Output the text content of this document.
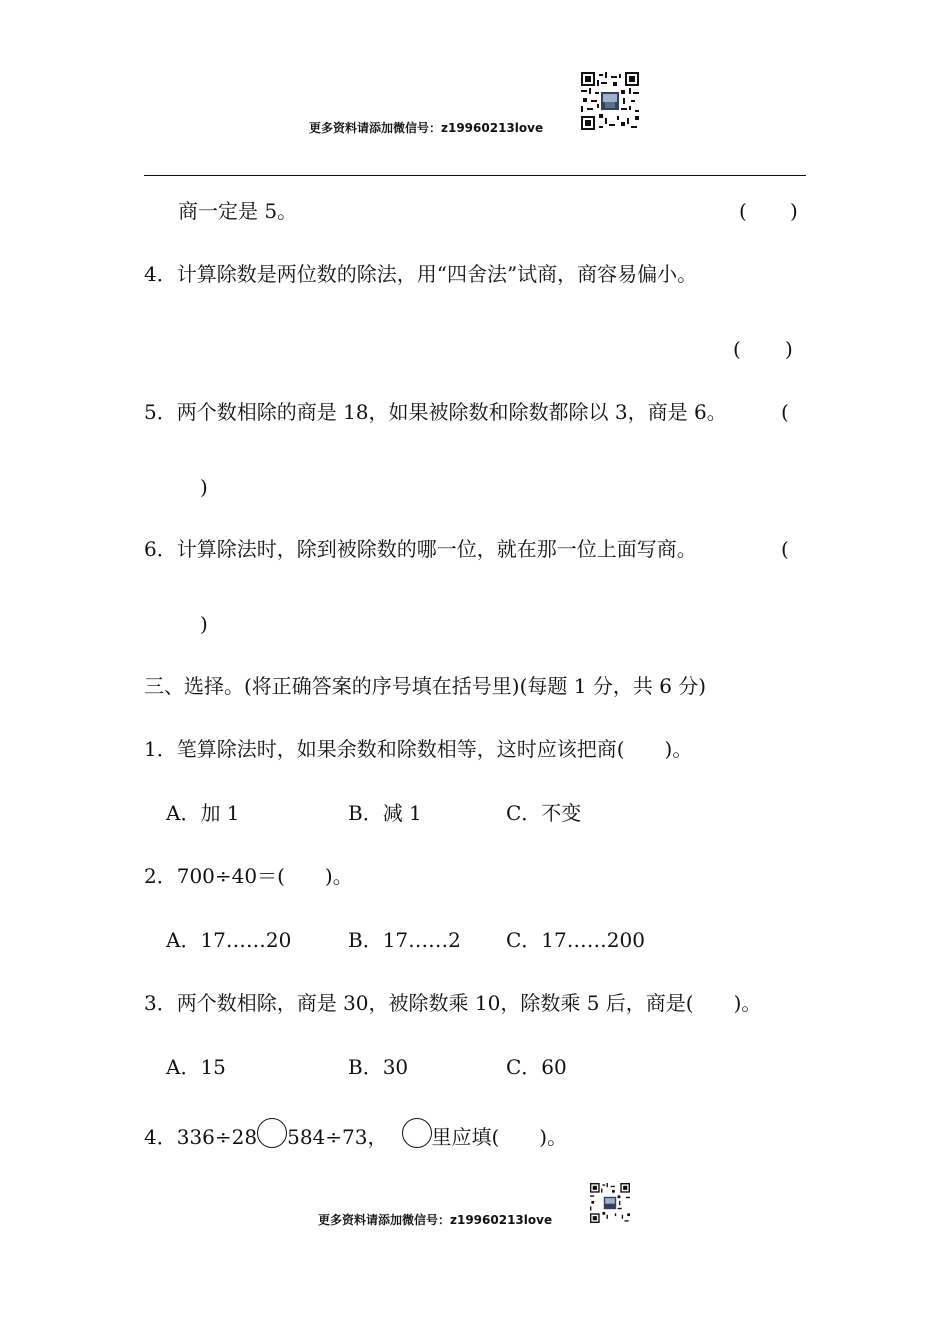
更多资料请添加微信号：z19960213love
商一定是 5。	( )
4．计算除数是两位数的除法，用“四舍法”试商，商容易偏小。
( )
5．两个数相除的商是 18，如果被除数和除数都除以 3，商是 6。	(
)
6．计算除法时，除到被除数的哪一位，就在那一位上面写商。	(
)
三、选择。(将正确答案的序号填在括号里)(每题 1 分，共 6 分)
1．笔算除法时，如果余数和除数相等，这时应该把商(　　)。
A．加 1	B．减 1	C．不变
2．700÷40＝(　　)。
A．17……20	B．17……2 C．17……200
3．两个数相除，商是 30，被除数乘 10，除数乘 5 后，商是(　　)。
A．15	B．30	C．60
4．336÷28 584÷73， 里应填(　　)。
更多资料请添加微信号：z19960213love
